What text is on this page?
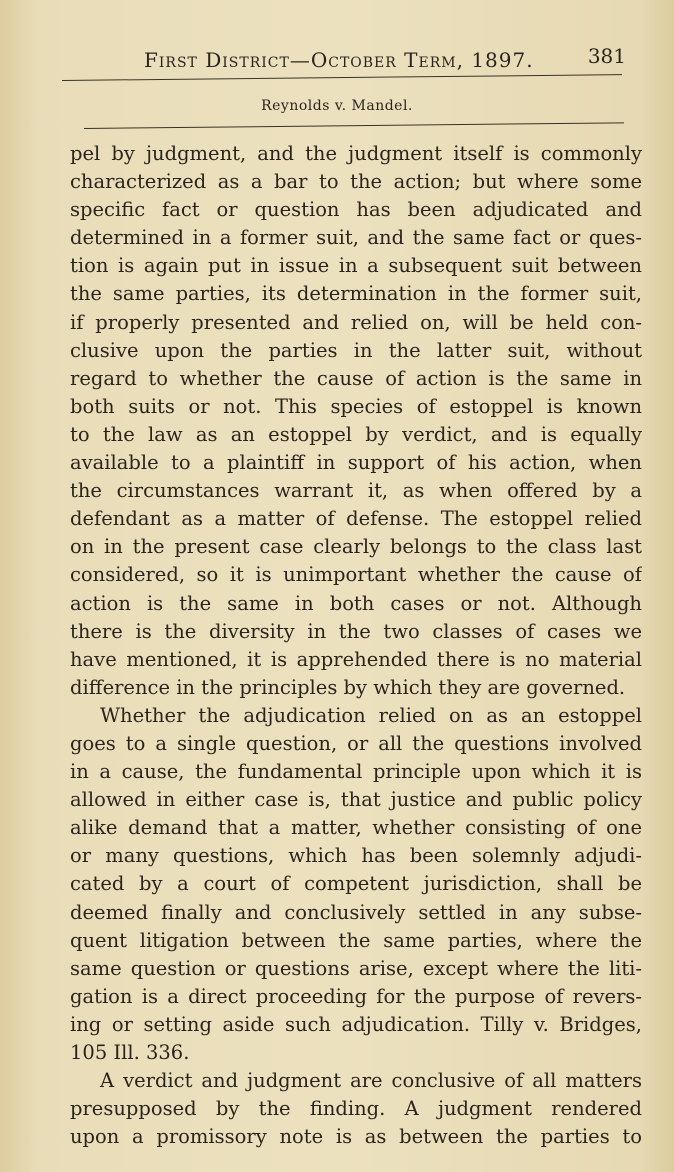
First District—October Term, 1897.	381
Reynolds v. Mandel.
pel by judgment, and the judgment itself is commonly
characterized as a bar to the action; but where some
specific fact or question has been adjudicated and
determined in a former suit, and the same fact or ques-
tion is again put in issue in a subsequent suit between
the same parties, its determination in the former suit,
if properly presented and relied on, will be held con-
clusive upon the parties in the latter suit, without
regard to whether the cause of action is the same in
both suits or not. This species of estoppel is known
to the law as an estoppel by verdict, and is equally
available to a plaintiff in support of his action, when
the circumstances warrant it, as when offered by a
defendant as a matter of defense. The estoppel relied
on in the present case clearly belongs to the class last
considered, so it is unimportant whether the cause of
action is the same in both cases or not. Although
there is the diversity in the two classes of cases we
have mentioned, it is apprehended there is no material
difference in the principles by which they are governed.
Whether the adjudication relied on as an estoppel
goes to a single question, or all the questions involved
in a cause, the fundamental principle upon which it is
allowed in either case is, that justice and public policy
alike demand that a matter, whether consisting of one
or many questions, which has been solemnly adjudi-
cated by a court of competent jurisdiction, shall be
deemed finally and conclusively settled in any subse-
quent litigation between the same parties, where the
same question or questions arise, except where the liti-
gation is a direct proceeding for the purpose of revers-
ing or setting aside such adjudication. Tilly v. Bridges,
105 Ill. 336.
A verdict and judgment are conclusive of all matters
presupposed by the finding. A judgment rendered
upon a promissory note is as between the parties to
